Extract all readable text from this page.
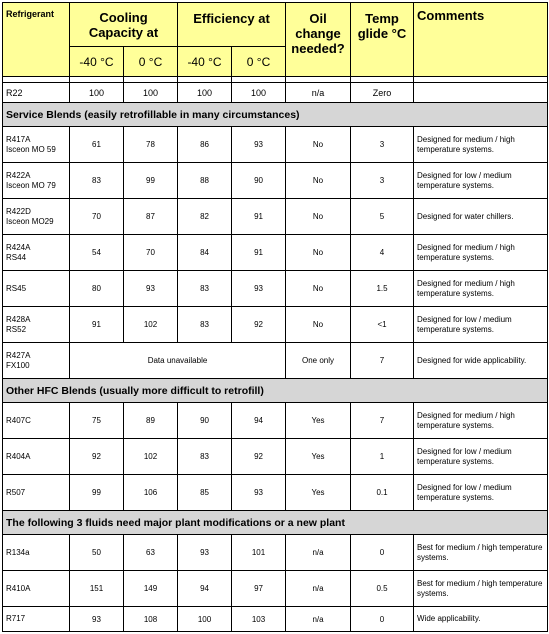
Refrigerant	Cooling Capacity at		Efficiency at		Oil change needed?	Temp glide °C	Comments
	-40 °C	0 °C	-40 °C	0 °C			

R22	100	100	100	100	n/a	Zero	
Service Blends (easily retrofillable in many circumstances)							

R417A
Isceon MO 59	61	78	86	93	No	3	Designed for medium / high temperature systems.

R422A
Isceon MO 79	83	99	88	90	No	3	Designed for low / medium temperature systems.

R422D
Isceon MO29	70	87	82	91	No	5	Designed for water chillers.

R424A
RS44	54	70	84	91	No	4	Designed for medium / high temperature systems.

RS45	80	93	83	93	No	1.5	Designed for medium / high temperature systems.

R428A
RS52	91	102	83	92	No	<1	Designed for low / medium temperature systems.

R427A
FX100	Data unavailable				One only	7	Designed for wide applicability.
Other HFC Blends (usually more difficult to retrofill)							

R407C	75	89	90	94	Yes	7	Designed for medium / high temperature systems.

R404A	92	102	83	92	Yes	1	Designed for low / medium temperature systems.

R507	99	106	85	93	Yes	0.1	Designed for low / medium temperature systems.
The following 3 fluids need major plant modifications or a new plant							

R134a	50	63	93	101	n/a	0	Best for medium / high temperature systems.

R410A	151	149	94	97	n/a	0.5	Best for medium / high temperature systems.

R717	93	108	100	103	n/a	0	Wide applicability.
